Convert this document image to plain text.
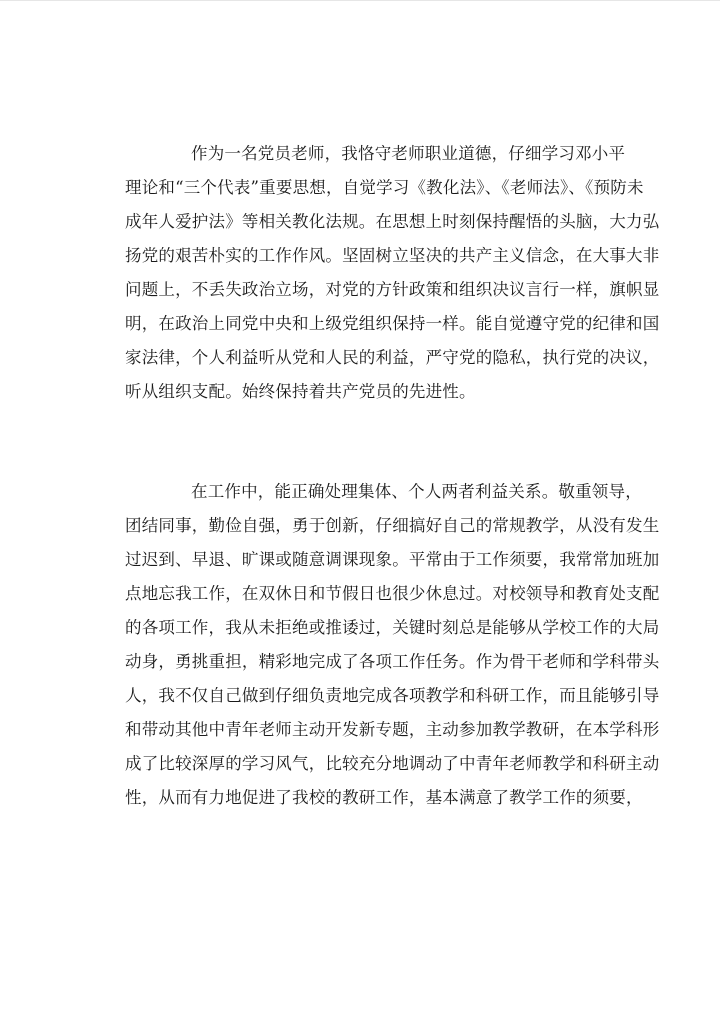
作为一名党员老师，我恪守老师职业道德，仔细学习邓小平
理论和“三个代表”重要思想，自觉学习《教化法》、《老师法》、《预防未
成年人爱护法》等相关教化法规。在思想上时刻保持醒悟的头脑，大力弘
扬党的艰苦朴实的工作作风。坚固树立坚决的共产主义信念，在大事大非
问题上，不丢失政治立场，对党的方针政策和组织决议言行一样，旗帜显
明，在政治上同党中央和上级党组织保持一样。能自觉遵守党的纪律和国
家法律，个人利益听从党和人民的利益，严守党的隐私，执行党的决议，
听从组织支配。始终保持着共产党员的先进性。
在工作中，能正确处理集体、个人两者利益关系。敬重领导，
团结同事，勤俭自强，勇于创新，仔细搞好自己的常规教学，从没有发生
过迟到、早退、旷课或随意调课现象。平常由于工作须要，我常常加班加
点地忘我工作，在双休日和节假日也很少休息过。对校领导和教育处支配
的各项工作，我从未拒绝或推诿过，关键时刻总是能够从学校工作的大局
动身，勇挑重担，精彩地完成了各项工作任务。作为骨干老师和学科带头
人，我不仅自己做到仔细负责地完成各项教学和科研工作，而且能够引导
和带动其他中青年老师主动开发新专题，主动参加教学教研，在本学科形
成了比较深厚的学习风气，比较充分地调动了中青年老师教学和科研主动
性，从而有力地促进了我校的教研工作，基本满意了教学工作的须要，
